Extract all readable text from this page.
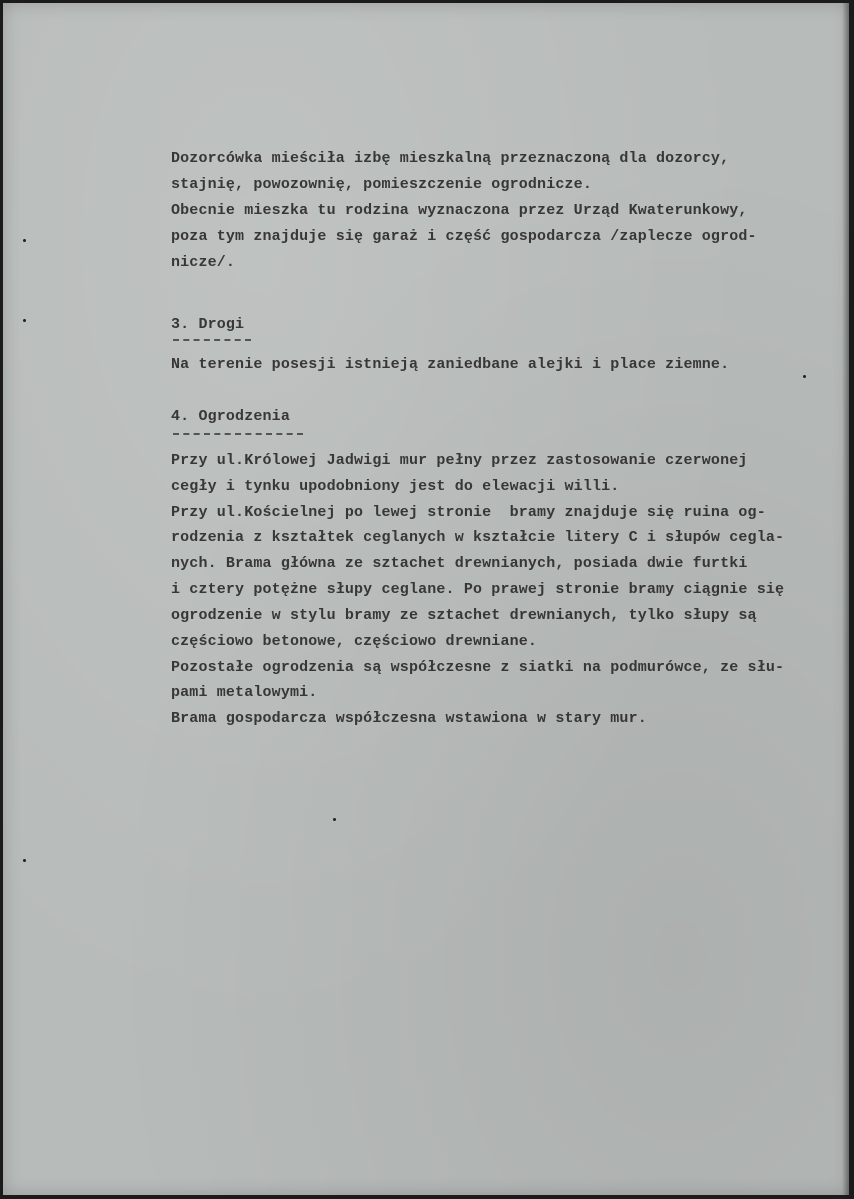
Dozorcówka mieściła izbę mieszkalną przeznaczoną dla dozorcy,
stajnię, powozownię, pomieszczenie ogrodnicze.
Obecnie mieszka tu rodzina wyznaczona przez Urząd Kwaterunkowy,
poza tym znajduje się garaż i część gospodarcza /zaplecze ogrod-
nicze/.
3. Drogi
Na terenie posesji istnieją zaniedbane alejki i place ziemne.
4. Ogrodzenia
Przy ul.Królowej Jadwigi mur pełny przez zastosowanie czerwonej
cegły i tynku upodobniony jest do elewacji willi.
Przy ul.Kościelnej po lewej stronie  bramy znajduje się ruina og-
rodzenia z kształtek ceglanych w kształcie litery C i słupów cegla-
nych. Brama główna ze sztachet drewnianych, posiada dwie furtki
i cztery potężne słupy ceglane. Po prawej stronie bramy ciągnie się
ogrodzenie w stylu bramy ze sztachet drewnianych, tylko słupy są
częściowo betonowe, częściowo drewniane.
Pozostałe ogrodzenia są współczesne z siatki na podmurówce, ze słu-
pami metalowymi.
Brama gospodarcza współczesna wstawiona w stary mur.
